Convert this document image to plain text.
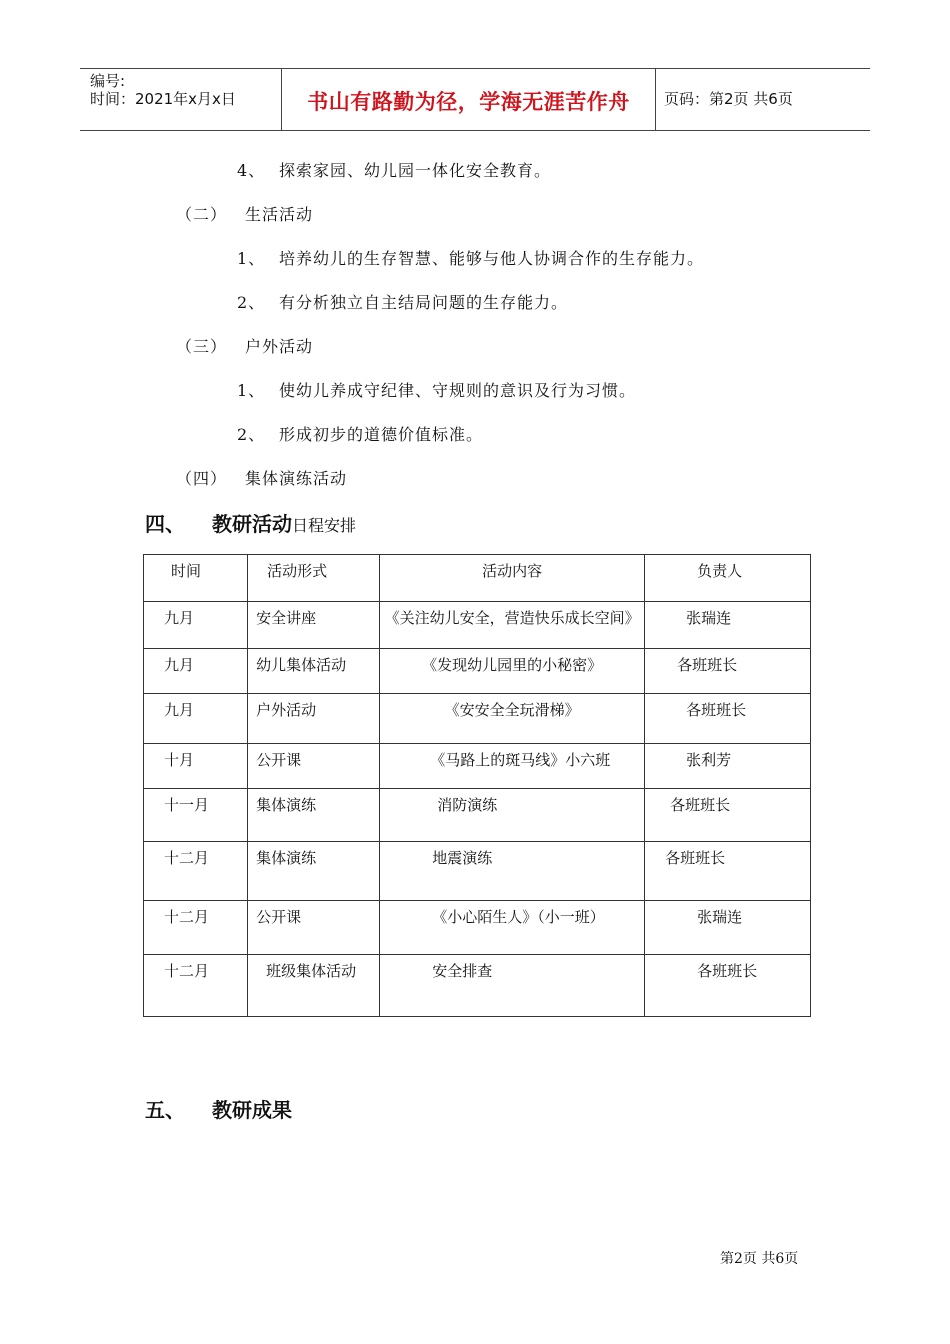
编号:
时间：2021年x月x日	书山有路勤为径，学海无涯苦作舟	页码：第2页 共6页
4、 探索家园、幼儿园一体化安全教育。
（二） 生活活动
1、 培养幼儿的生存智慧、能够与他人协调合作的生存能力。
2、 有分析独立自主结局问题的生存能力。
（三） 户外活动
1、 使幼儿养成守纪律、守规则的意识及行为习惯。
2、 形成初步的道德价值标准。
（四） 集体演练活动
四、 教研活动日程安排
时间	活动形式	活动内容	负责人
九月	安全讲座	《关注幼儿安全，营造快乐成长空间》	张瑞连
九月	幼儿集体活动	《发现幼儿园里的小秘密》	各班班长
九月	户外活动	《安安全全玩滑梯》	各班班长
十月	公开课	《马路上的斑马线》小六班	张利芳
十一月	集体演练	消防演练	各班班长
十二月	集体演练	地震演练	各班班长
十二月	公开课	《小心陌生人》（小一班）	张瑞连
十二月	班级集体活动	安全排查	各班班长
五、 教研成果
第2页 共6页
